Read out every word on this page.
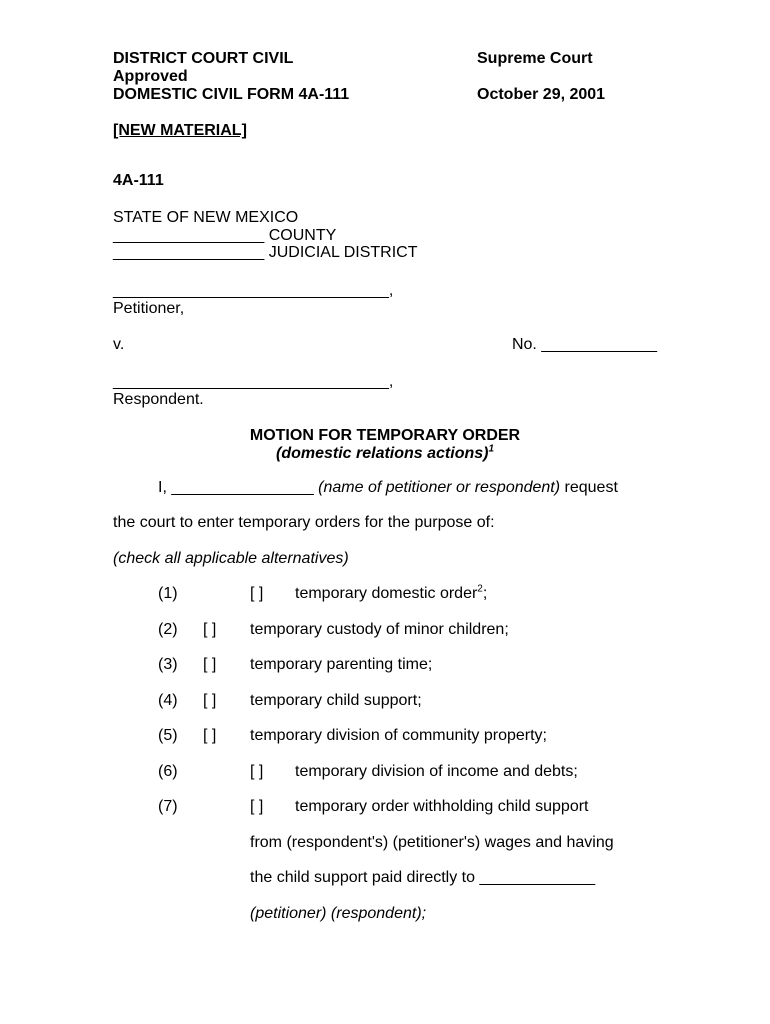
DISTRICT COURT CIVIL	Supreme Court
Approved
DOMESTIC CIVIL FORM 4A-111	October 29, 2001
[NEW MATERIAL]
4A-111
STATE OF NEW MEXICO
_________________ COUNTY
_________________ JUDICIAL DISTRICT
_______________________________,
Petitioner,
v.	No. _____________
_______________________________,
Respondent.
MOTION FOR TEMPORARY ORDER
(domestic relations actions)$^1$
I, ________________ (name of petitioner or respondent) request
the court to enter temporary orders for the purpose of:
(check all applicable alternatives)
(1)	[ ]	temporary domestic order$^2$;
(2)	[ ]	temporary custody of minor children;
(3)	[ ]	temporary parenting time;
(4)	[ ]	temporary child support;
(5)	[ ]	temporary division of community property;
(6)	[ ]	temporary division of income and debts;
(7)	[ ]	temporary order withholding child support
from (respondent's) (petitioner's) wages and having
the child support paid directly to _____________
(petitioner) (respondent);
